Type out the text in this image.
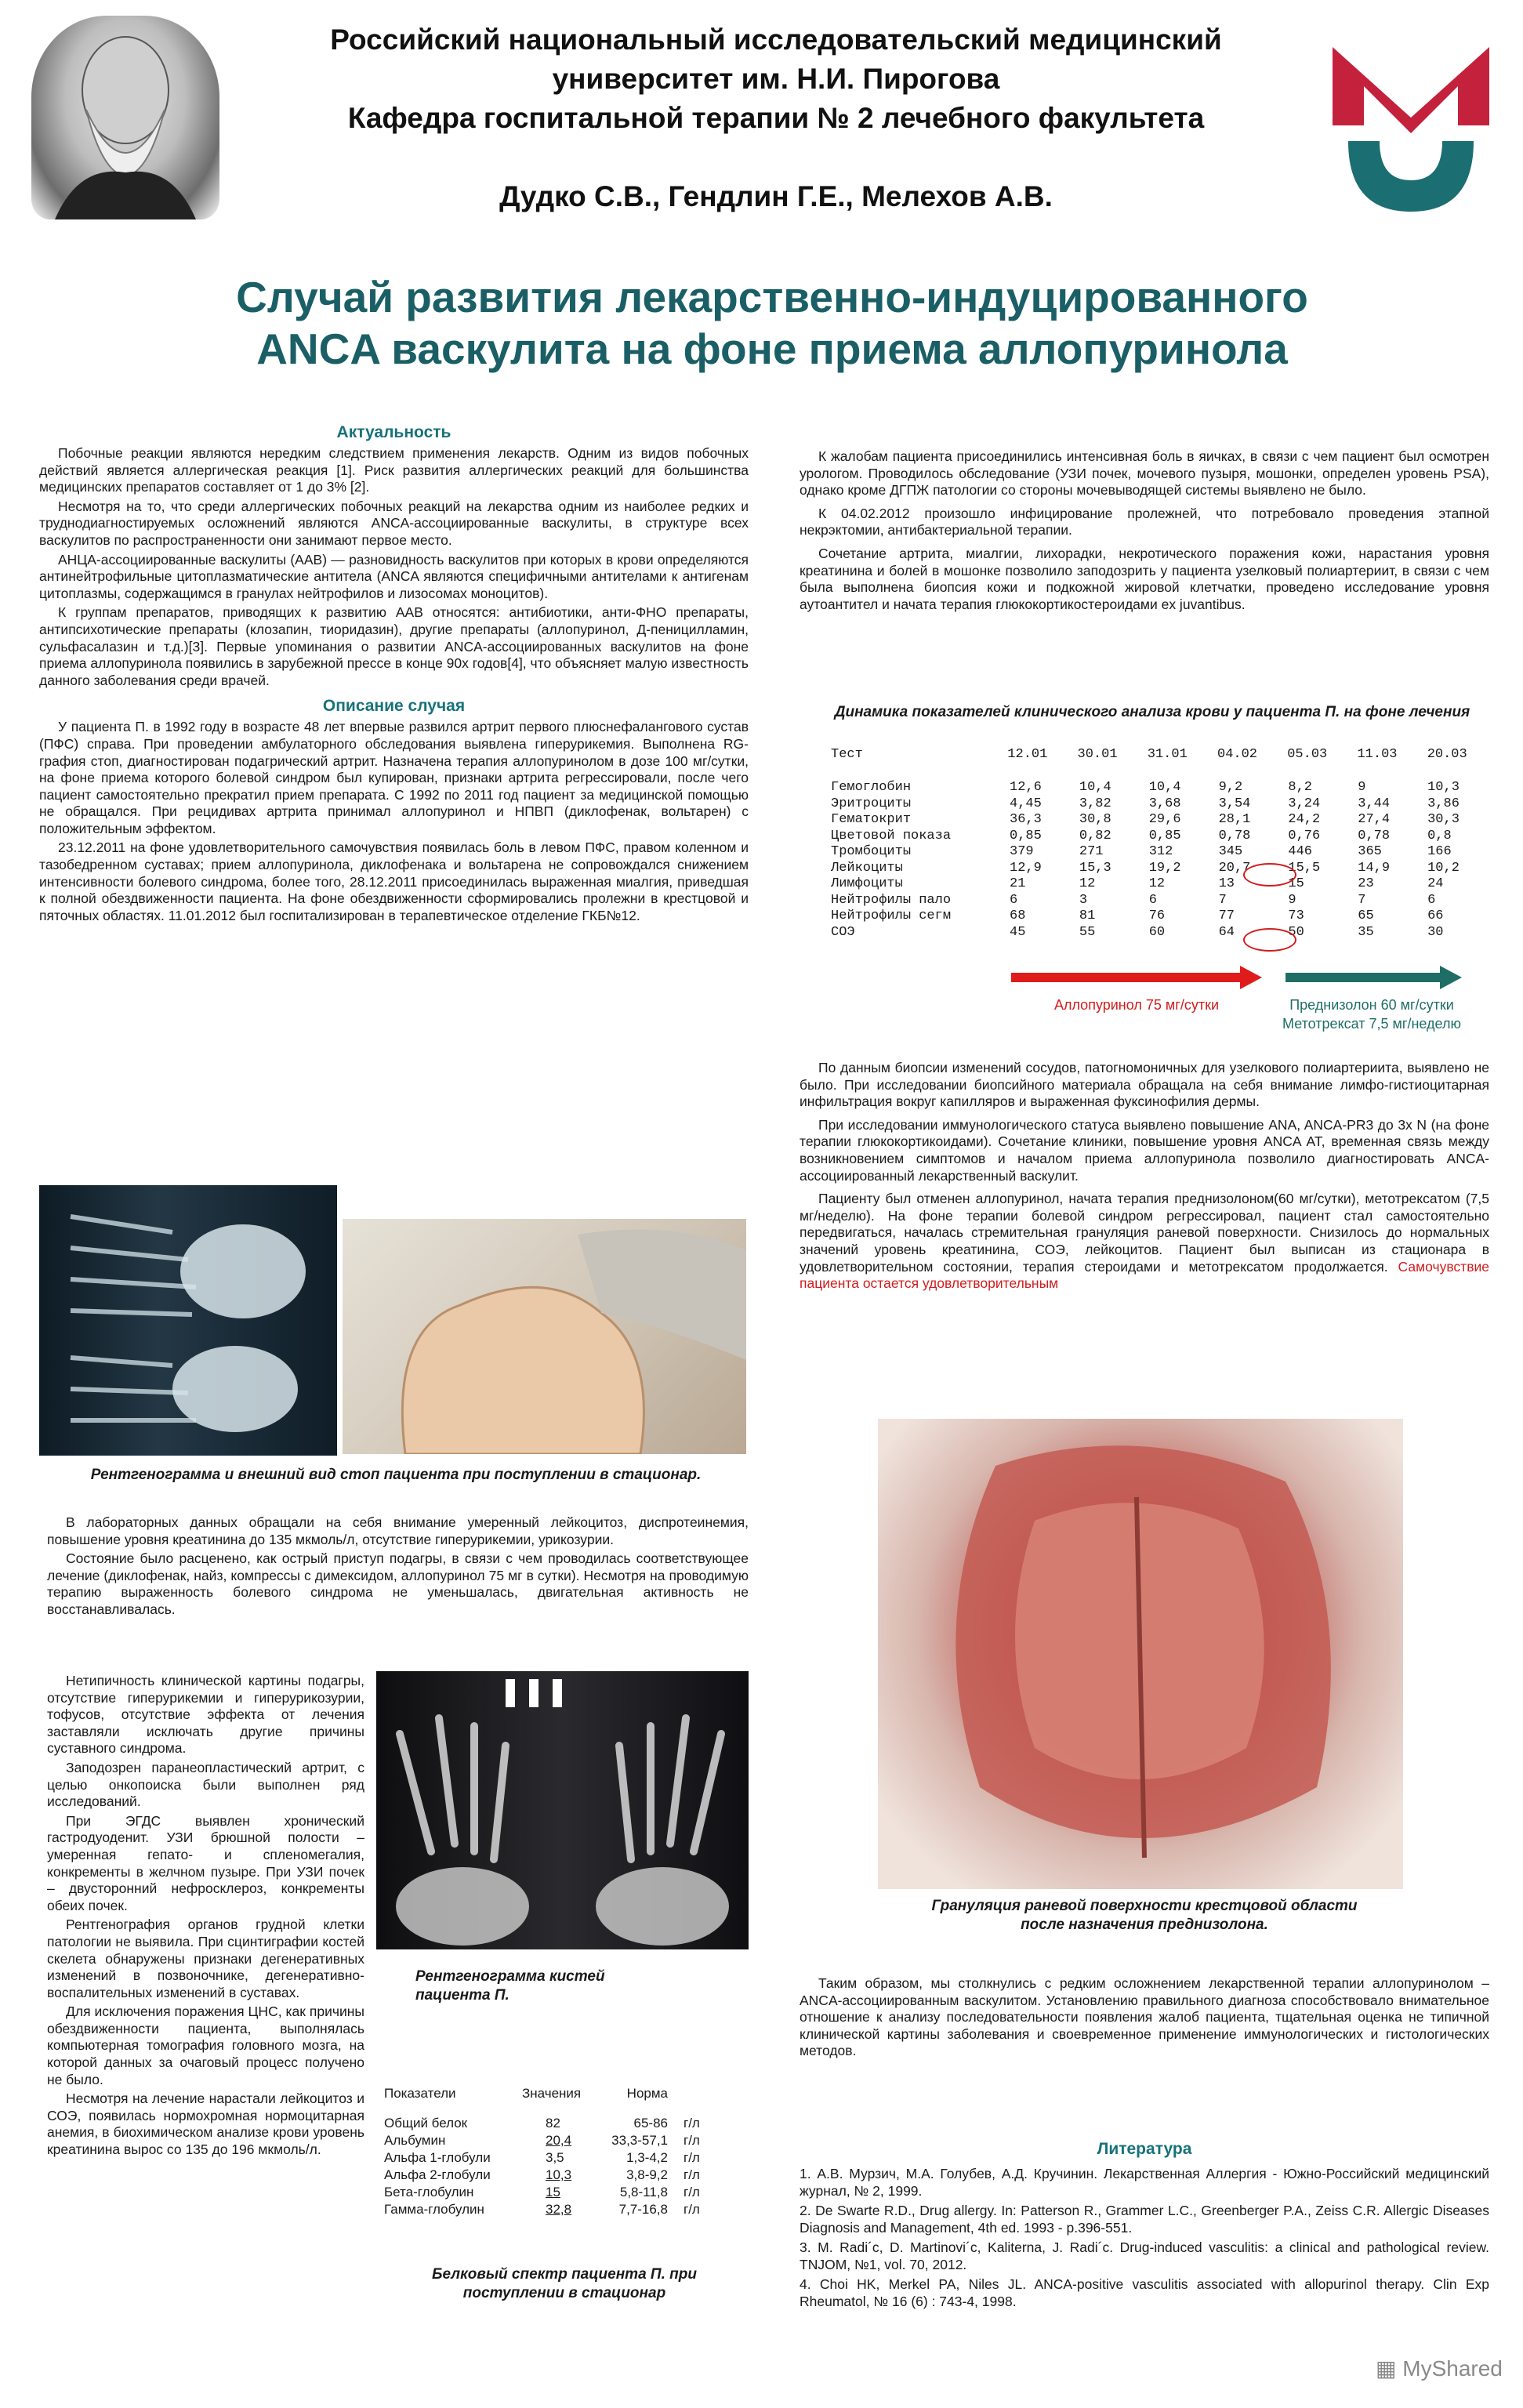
Российский национальный исследовательский медицинский
университет им. Н.И. Пирогова
Кафедра госпитальной терапии № 2 лечебного факультета
Дудко С.В., Гендлин Г.Е., Мелехов А.В.
Случай развития лекарственно-индуцированного
ANCA васкулита на фоне приема аллопуринола
Актуальность

Побочные реакции являются нередким следствием применения лекарств. Одним из видов побочных действий является аллергическая реакция [1]. Риск развития аллергических реакций для большинства медицинских препаратов составляет от 1 до 3% [2].

Несмотря на то, что среди аллергических побочных реакций на лекарства одним из наиболее редких и труднодиагностируемых осложнений являются ANCA-ассоциированные васкулиты, в структуре всех васкулитов по распространенности они занимают первое место.

АНЦА-ассоциированные васкулиты (ААВ) — разновидность васкулитов при которых в крови определяются антинейтрофильные цитоплазматические антитела (ANCA являются специфичными антителами к антигенам цитоплазмы, содержащимся в гранулах нейтрофилов и лизосомах моноцитов).

К группам препаратов, приводящих к развитию ААВ относятся: антибиотики, анти-ФНО препараты, антипсихотические препараты (клозапин, тиоридазин), другие препараты (аллопуринол, Д-пеницилламин, сульфасалазин и т.д.)[3]. Первые упоминания о развитии ANCA-ассоциированных васкулитов на фоне приема аллопуринола появились в зарубежной прессе в конце 90х годов[4], что объясняет малую известность данного заболевания среди врачей.

Описание случая

У пациента П. в 1992 году в возрасте 48 лет впервые развился артрит первого плюснефалангового сустав (ПФС) справа. При проведении амбулаторного обследования выявлена гиперурикемия. Выполнена RG-графия стоп, диагностирован подагрический артрит. Назначена терапия аллопуринолом в дозе 100 мг/сутки, на фоне приема которого болевой синдром был купирован, признаки артрита регрессировали, после чего пациент самостоятельно прекратил прием препарата. С 1992 по 2011 год пациент за медицинской помощью не обращался. При рецидивах артрита принимал аллопуринол и НПВП (диклофенак, вольтарен) с положительным эффектом.

23.12.2011 на фоне удовлетворительного самочувствия появилась боль в левом ПФС, правом коленном и тазобедренном суставах; прием аллопуринола, диклофенака и вольтарена не сопровождался снижением интенсивности болевого синдрома, более того, 28.12.2011 присоединилась выраженная миалгия, приведшая к полной обездвиженности пациента. На фоне обездвиженности сформировались пролежни в крестцовой и пяточных областях. 11.01.2012 был госпитализирован в терапевтическое отделение ГКБ№12.

Рентгенограмма и внешний вид стоп пациента при поступлении в стационар.

В лабораторных данных обращали на себя внимание умеренный лейкоцитоз, диспротеинемия, повышение уровня креатинина до 135 мкмоль/л, отсутствие гиперурикемии, урикозурии.

Состояние было расценено, как острый приступ подагры, в связи с чем проводилась соответствующее лечение (диклофенак, найз, компрессы с димексидом, аллопуринол 75 мг в сутки). Несмотря на проводимую терапию выраженность болевого синдрома не уменьшалась, двигательная активность не восстанавливалась.

Нетипичность клинической картины подагры, отсутствие гиперурикемии и гиперурикозурии, тофусов, отсутствие эффекта от лечения заставляли исключать другие причины суставного синдрома.

Заподозрен паранеопластический артрит, с целью онкопоиска были выполнен ряд исследований.

При ЭГДС выявлен хронический гастродуоденит. УЗИ брюшной полости – умеренная гепато- и спленомегалия, конкременты в желчном пузыре. При УЗИ почек – двусторонний нефросклероз, конкременты обеих почек.

Рентгенография органов грудной клетки патологии не выявила. При сцинтиграфии костей скелета обнаружены признаки дегенеративных изменений в позвоночнике, дегенеративно-воспалительных изменений в суставах.

Для исключения поражения ЦНС, как причины обездвиженности пациента, выполнялась компьютерная томография головного мозга, на которой данных за очаговый процесс получено не было.

Несмотря на лечение нарастали лейкоцитоз и СОЭ, появилась нормохромная нормоцитарная анемия, в биохимическом анализе крови уровень креатинина вырос со 135 до 196 мкмоль/л.

Рентгенограмма кистей пациента П.
Показатели	Значения	Норма	

Общий белок	82	65-86	г/л
Альбумин	20,4	33,3-57,1	г/л
Альфа 1-глобули	3,5	1,3-4,2	г/л
Альфа 2-глобули	10,3	3,8-9,2	г/л
Бета-глобулин	15	5,8-11,8	г/л
Гамма-глобулин	32,8	7,7-16,8	г/л
Белковый спектр пациента П. при поступлении в стационар

К жалобам пациента присоединились интенсивная боль в яичках, в связи с чем пациент был осмотрен урологом. Проводилось обследование (УЗИ почек, мочевого пузыря, мошонки, определен уровень PSA), однако кроме ДГПЖ патологии со стороны мочевыводящей системы выявлено не было.

К 04.02.2012 произошло инфицирование пролежней, что потребовало проведения этапной некрэктомии, антибактериальной терапии.

Сочетание артрита, миалгии, лихорадки, некротического поражения кожи, нарастания уровня креатинина и болей в мошонке позволило заподозрить у пациента узелковый полиартериит, в связи с чем была выполнена биопсия кожи и подкожной жировой клетчатки, проведено исследование уровня аутоантител и начата терапия глюкокортикостероидами ex juvantibus.

Динамика показателей клинического анализа крови у пациента П. на фоне лечения
Тест	12.01	30.01	31.01	04.02	05.03	11.03	20.03

Гемоглобин	12,6	10,4	10,4	9,2	8,2	9	10,3
Эритроциты	4,45	3,82	3,68	3,54	3,24	3,44	3,86
Гематокрит	36,3	30,8	29,6	28,1	24,2	27,4	30,3
Цветовой показа	0,85	0,82	0,85	0,78	0,76	0,78	0,8
Тромбоциты	379	271	312	345	446	365	166
Лейкоциты	12,9	15,3	19,2	20,7	15,5	14,9	10,2
Лимфоциты	21	12	12	13	15	23	24
Нейтрофилы пало	6	3	6	7	9	7	6
Нейтрофилы сегм	68	81	76	77	73	65	66
СОЭ	45	55	60	64	50	35	30
Аллопуринол 75 мг/сутки	Преднизолон 60 мг/сутки
Метотрексат 7,5 мг/неделю

По данным биопсии изменений сосудов, патогномоничных для узелкового полиартериита, выявлено не было. При исследовании биопсийного материала обращала на себя внимание лимфо-гистиоцитарная инфильтрация вокруг капилляров и выраженная фуксинофилия дермы.

При исследовании иммунологического статуса выявлено повышение ANA, ANCA-PR3 до 3х N (на фоне терапии глюкокортикоидами). Сочетание клиники, повышение уровня ANCA AT, временная связь между возникновением симптомов и началом приема аллопуринола позволило диагностировать ANCA-ассоциированный лекарственный васкулит.

Пациенту был отменен аллопуринол, начата терапия преднизолоном(60 мг/сутки), метотрексатом (7,5 мг/неделю). На фоне терапии болевой синдром регрессировал, пациент стал самостоятельно передвигаться, началась стремительная грануляция раневой поверхности. Снизилось до нормальных значений уровень креатинина, СОЭ, лейкоцитов. Пациент был выписан из стационара в удовлетворительном состоянии, терапия стероидами и метотрексатом продолжается. Самочувствие пациента остается удовлетворительным

Грануляция раневой поверхности крестцовой области после назначения преднизолона.

Таким образом, мы столкнулись с редким осложнением лекарственной терапии аллопуринолом – ANCA-ассоциированным васкулитом. Установлению правильного диагноза способствовало внимательное отношение к анализу последовательности появления жалоб пациента, тщательная оценка не типичной клинической картины заболевания и своевременное применение иммунологических и гистологических методов.

Литература
1. А.В. Мурзич, М.А. Голубев, А.Д. Кручинин. Лекарственная Аллергия - Южно-Российский медицинский журнал, № 2, 1999.
2. De Swarte R.D., Drug allergy. In: Patterson R., Grammer L.C., Greenberger P.A., Zeiss C.R. Allergic Diseases Diagnosis and Management, 4th ed. 1993 - p.396-551.
3. M. Radi´c, D. Martinovi´c, Kaliterna, J. Radi´c. Drug-induced vasculitis: a clinical and pathological review. TNJOM, №1, vol. 70, 2012.
4. Choi HK, Merkel PA, Niles JL. ANCA-positive vasculitis associated with allopurinol therapy. Clin Exp Rheumatol, № 16 (6) : 743-4, 1998.
▦ MyShared
